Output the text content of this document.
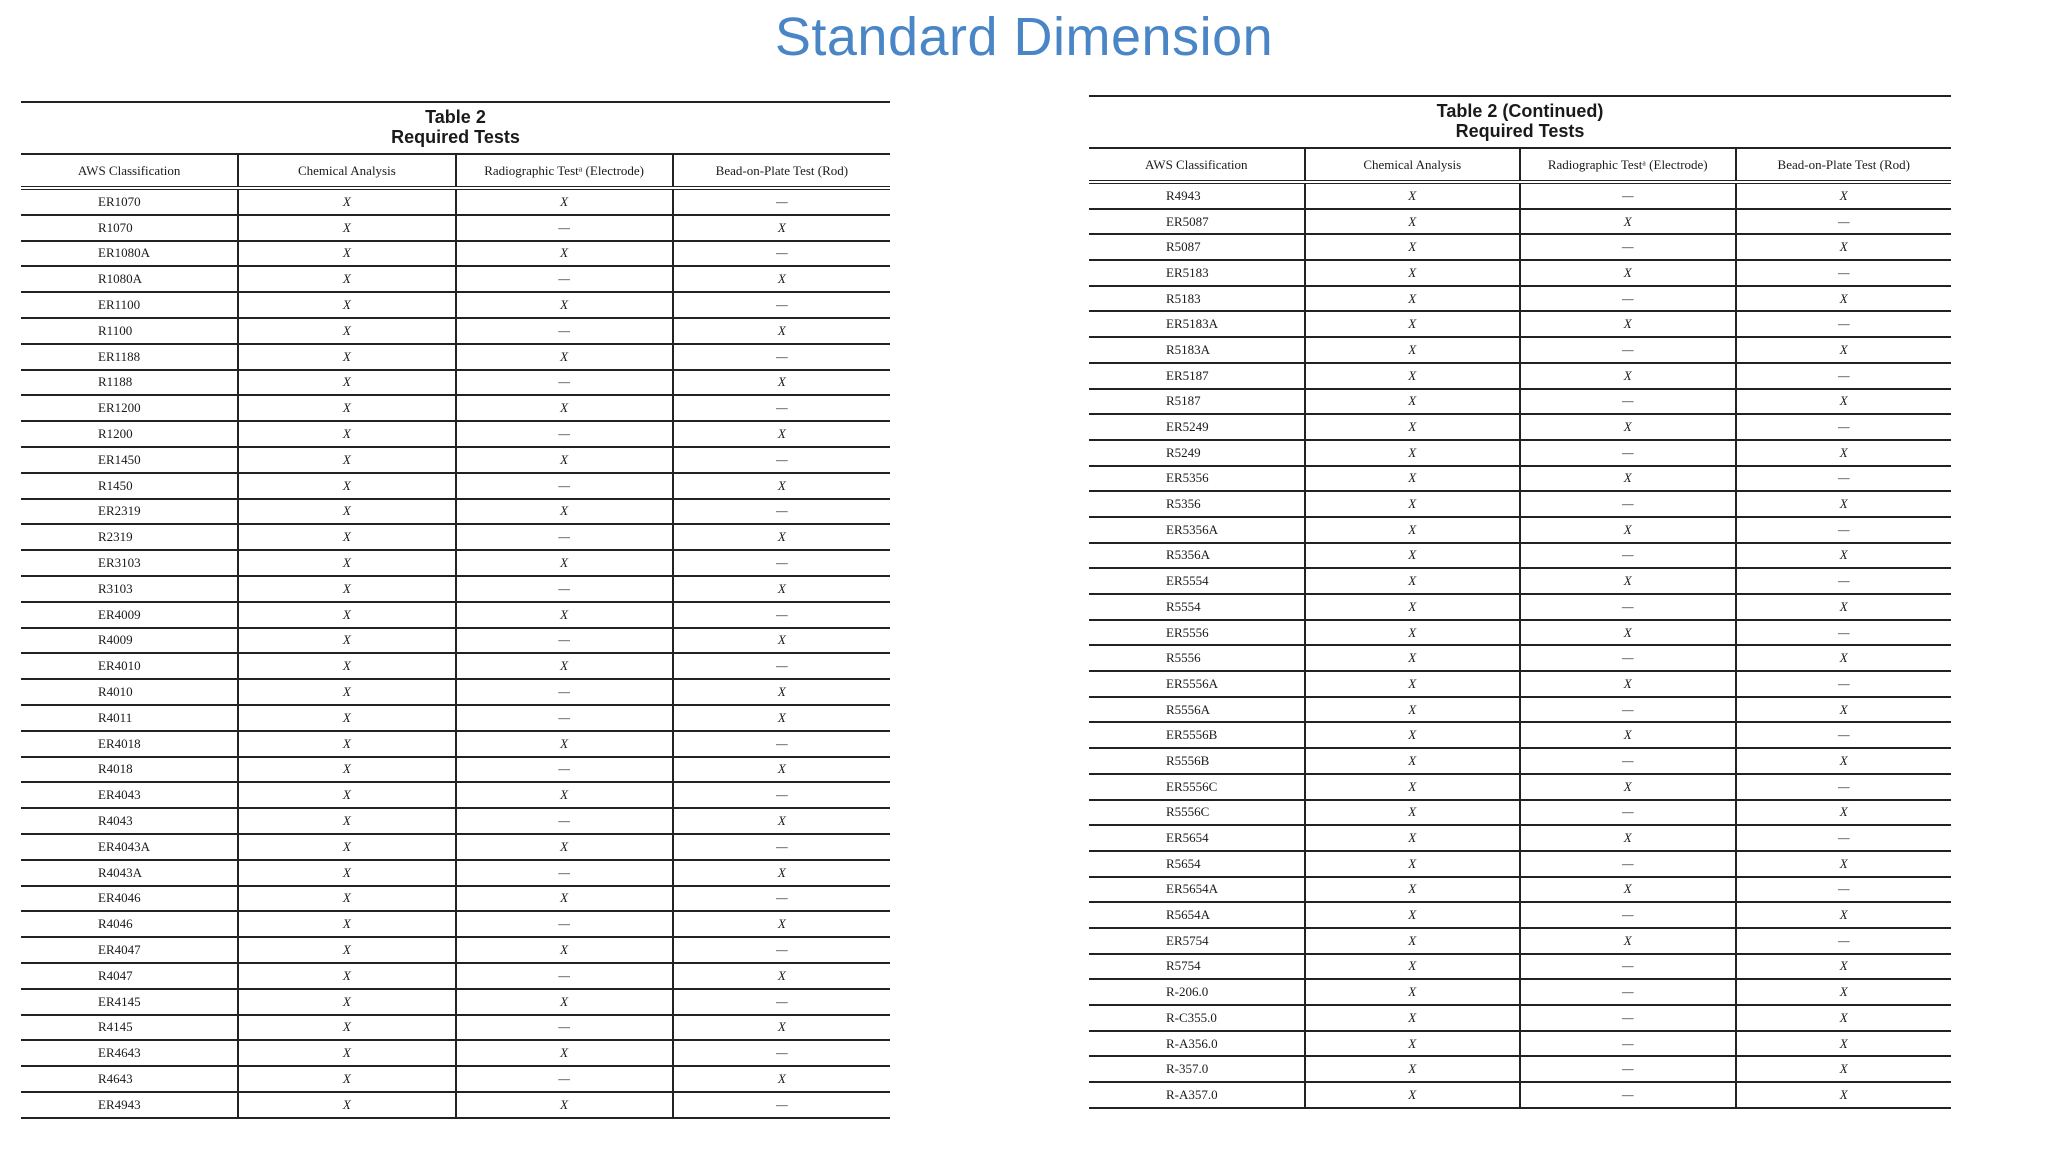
Standard Dimension
Table 2
Required Tests
AWS Classification	Chemical Analysis	Radiographic Testᵃ (Electrode)	Bead-on-Plate Test (Rod)
ER1070	X	X	—
R1070	X	—	X
ER1080A	X	X	—
R1080A	X	—	X
ER1100	X	X	—
R1100	X	—	X
ER1188	X	X	—
R1188	X	—	X
ER1200	X	X	—
R1200	X	—	X
ER1450	X	X	—
R1450	X	—	X
ER2319	X	X	—
R2319	X	—	X
ER3103	X	X	—
R3103	X	—	X
ER4009	X	X	—
R4009	X	—	X
ER4010	X	X	—
R4010	X	—	X
R4011	X	—	X
ER4018	X	X	—
R4018	X	—	X
ER4043	X	X	—
R4043	X	—	X
ER4043A	X	X	—
R4043A	X	—	X
ER4046	X	X	—
R4046	X	—	X
ER4047	X	X	—
R4047	X	—	X
ER4145	X	X	—
R4145	X	—	X
ER4643	X	X	—
R4643	X	—	X
ER4943	X	X	—
Table 2 (Continued)
Required Tests
AWS Classification	Chemical Analysis	Radiographic Testᵃ (Electrode)	Bead-on-Plate Test (Rod)
R4943	X	—	X
ER5087	X	X	—
R5087	X	—	X
ER5183	X	X	—
R5183	X	—	X
ER5183A	X	X	—
R5183A	X	—	X
ER5187	X	X	—
R5187	X	—	X
ER5249	X	X	—
R5249	X	—	X
ER5356	X	X	—
R5356	X	—	X
ER5356A	X	X	—
R5356A	X	—	X
ER5554	X	X	—
R5554	X	—	X
ER5556	X	X	—
R5556	X	—	X
ER5556A	X	X	—
R5556A	X	—	X
ER5556B	X	X	—
R5556B	X	—	X
ER5556C	X	X	—
R5556C	X	—	X
ER5654	X	X	—
R5654	X	—	X
ER5654A	X	X	—
R5654A	X	—	X
ER5754	X	X	—
R5754	X	—	X
R-206.0	X	—	X
R-C355.0	X	—	X
R-A356.0	X	—	X
R-357.0	X	—	X
R-A357.0	X	—	X
